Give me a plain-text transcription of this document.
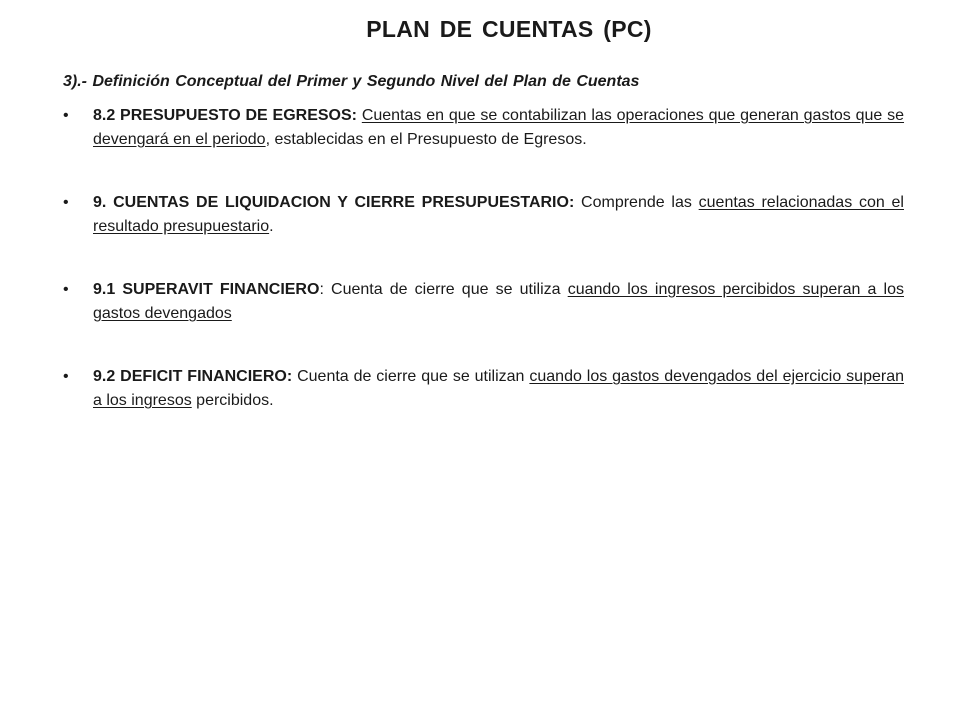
PLAN DE CUENTAS (PC)
3).- Definición Conceptual del Primer y Segundo Nivel del Plan de Cuentas
• 8.2 PRESUPUESTO DE EGRESOS: Cuentas en que se contabilizan las operaciones que generan gastos que se devengará en el periodo, establecidas en el Presupuesto de Egresos.
• 9. CUENTAS DE LIQUIDACION Y CIERRE PRESUPUESTARIO: Comprende las cuentas relacionadas con el resultado presupuestario.
• 9.1 SUPERAVIT FINANCIERO: Cuenta de cierre que se utiliza cuando los ingresos percibidos superan a los gastos devengados
• 9.2 DEFICIT FINANCIERO: Cuenta de cierre que se utilizan cuando los gastos devengados del ejercicio superan a los ingresos percibidos.
